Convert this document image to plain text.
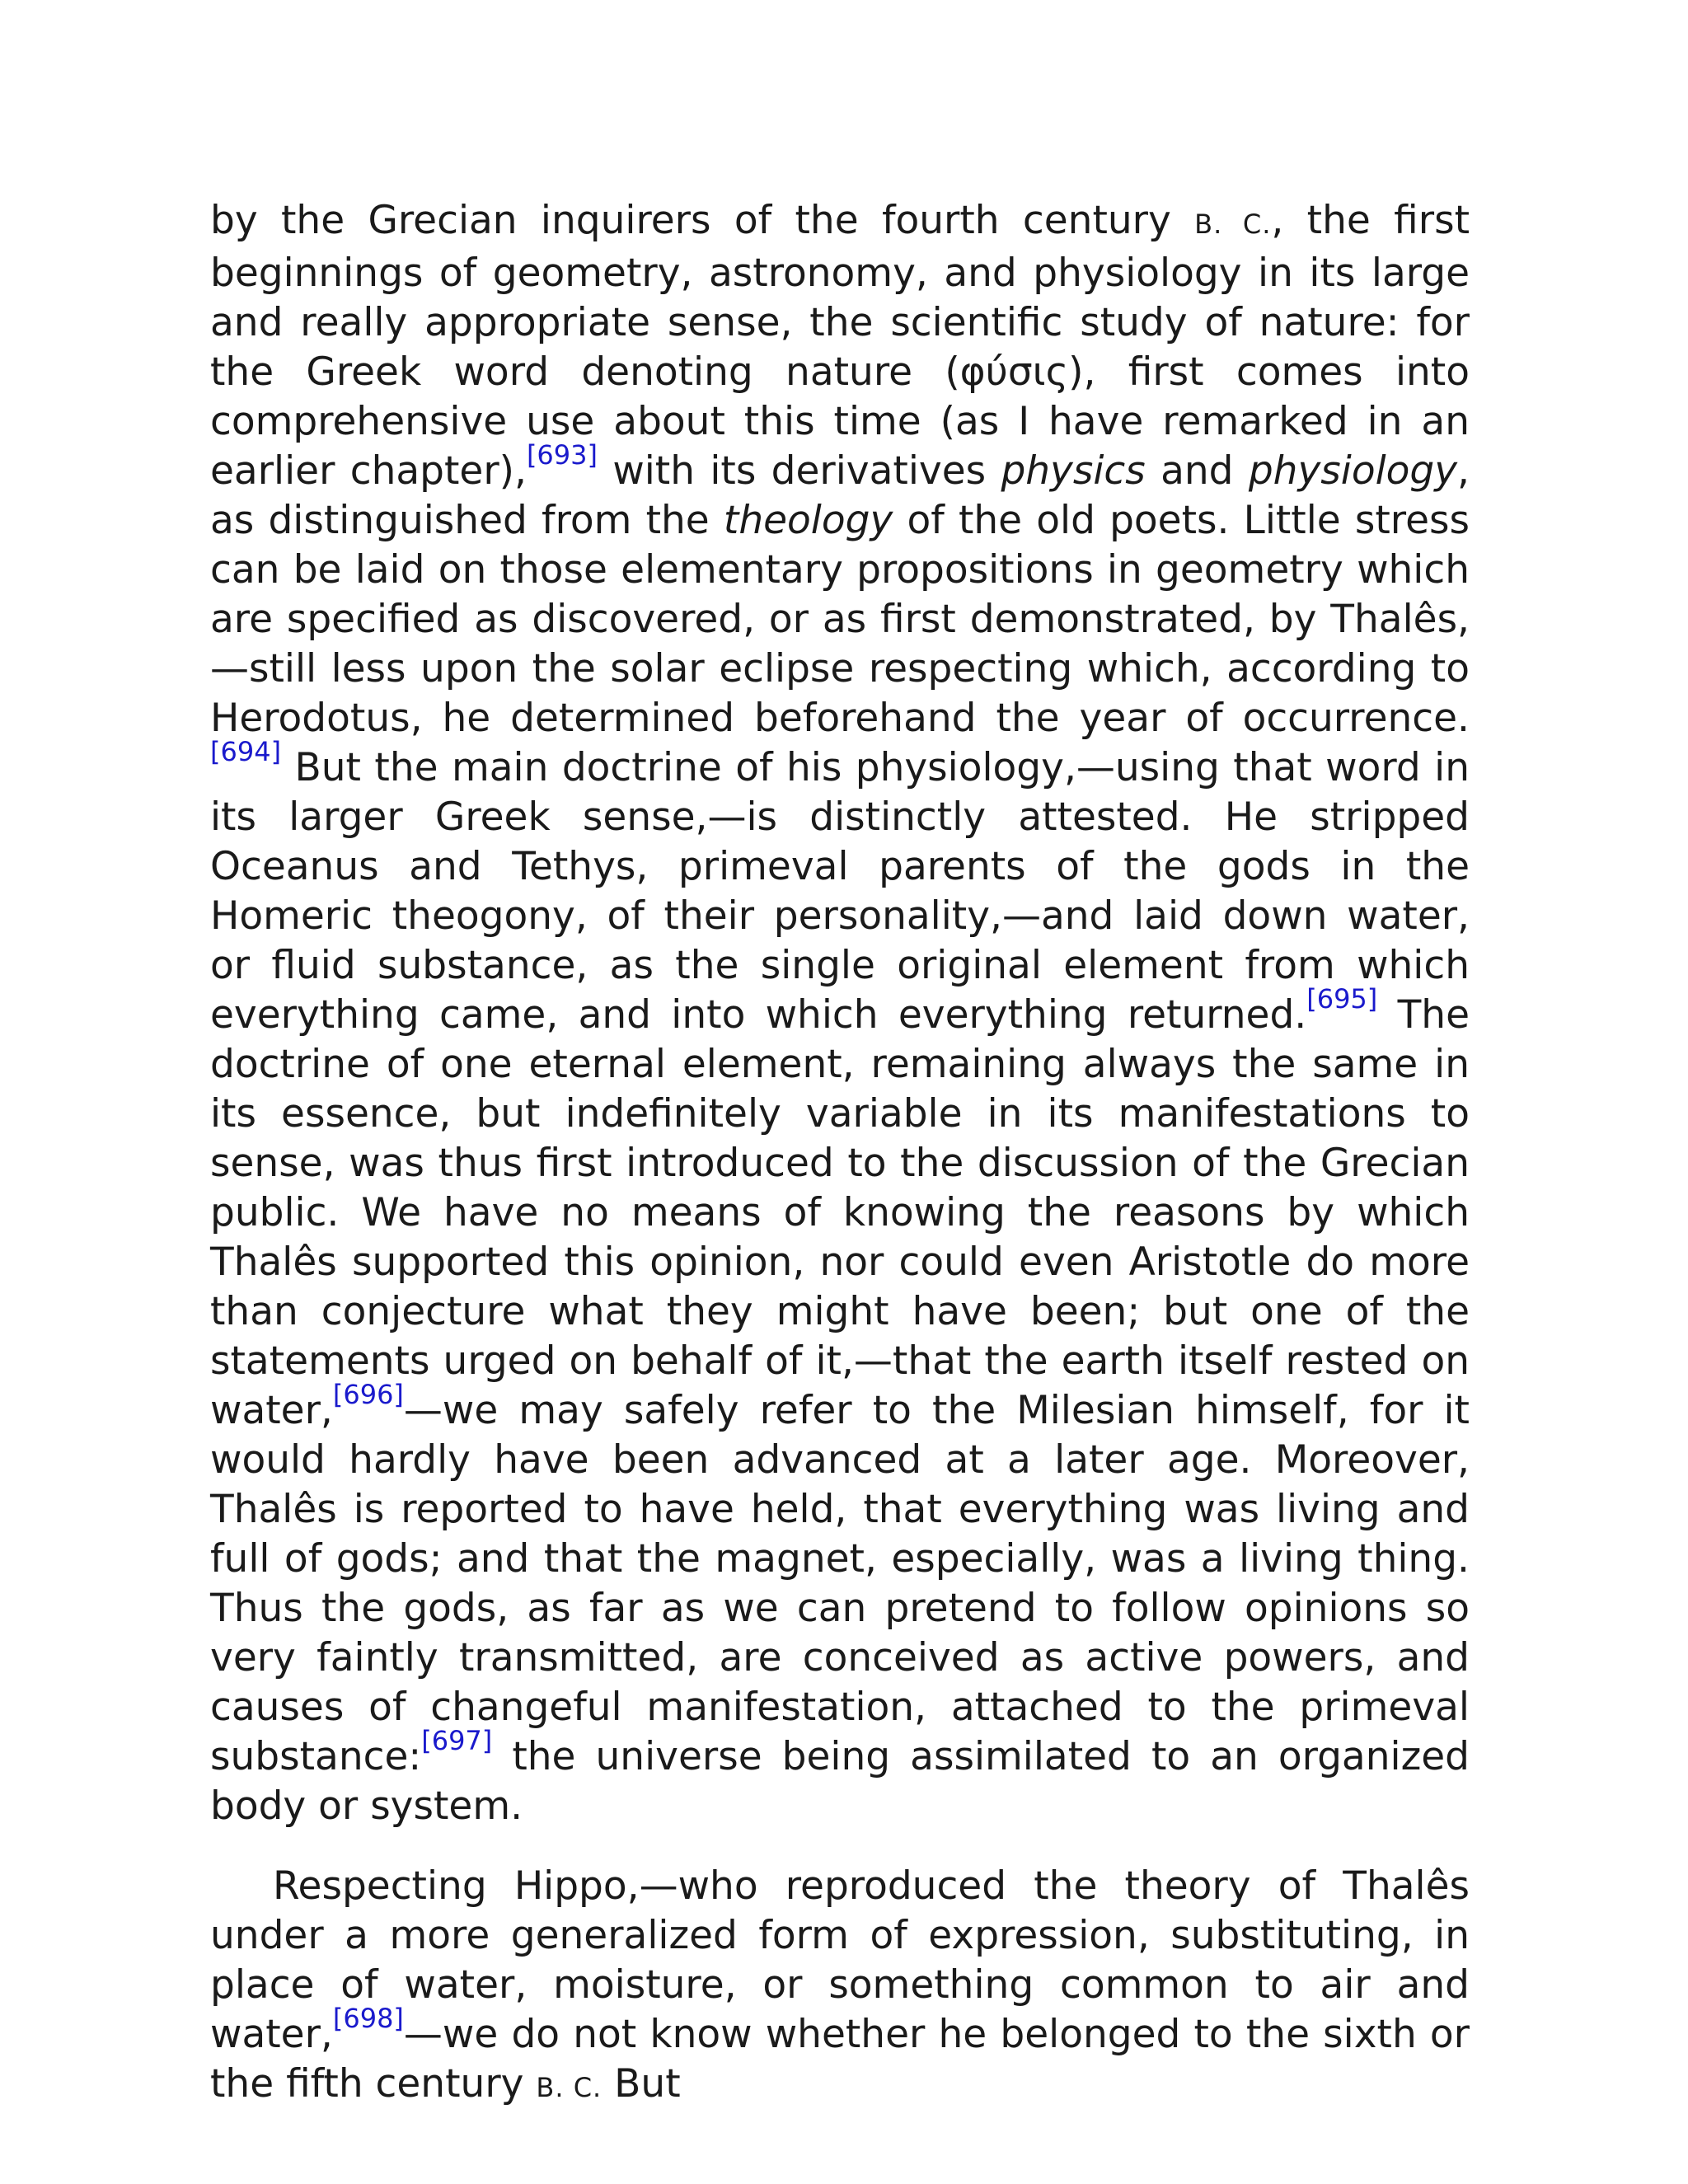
by the Grecian inquirers of the fourth century B. C., the first beginnings of geometry, astronomy, and physiology in its large and really appropriate sense, the scientific study of nature: for the Greek word denoting nature (φύσις), first comes into comprehensive use about this time (as I have remarked in an earlier chapter),[693] with its derivatives physics and physiology, as distinguished from the theology of the old poets. Little stress can be laid on those elementary propositions in geometry which are specified as discovered, or as first demonstrated, by Thalês,—still less upon the solar eclipse respecting which, according to Herodotus, he determined beforehand the year of occurrence.[694] But the main doctrine of his physiology,—using that word in its larger Greek sense,—is distinctly attested. He stripped Oceanus and Tethys, primeval parents of the gods in the Homeric theogony, of their personality,—and laid down water, or fluid substance, as the single original element from which everything came, and into which everything returned.[695] The doctrine of one eternal element, remaining always the same in its essence, but indefinitely variable in its manifestations to sense, was thus first introduced to the discussion of the Grecian public. We have no means of knowing the reasons by which Thalês supported this opinion, nor could even Aristotle do more than conjecture what they might have been; but one of the statements urged on behalf of it,—that the earth itself rested on water,[696]—we may safely refer to the Milesian himself, for it would hardly have been advanced at a later age. Moreover, Thalês is reported to have held, that everything was living and full of gods; and that the magnet, especially, was a living thing. Thus the gods, as far as we can pretend to follow opinions so very faintly transmitted, are conceived as active powers, and causes of changeful manifestation, attached to the primeval substance:[697] the universe being assimilated to an organized body or system.

Respecting Hippo,—who reproduced the theory of Thalês under a more generalized form of expression, substituting, in place of water, moisture, or something common to air and water,[698]—we do not know whether he belonged to the sixth or the fifth century B. C. But
